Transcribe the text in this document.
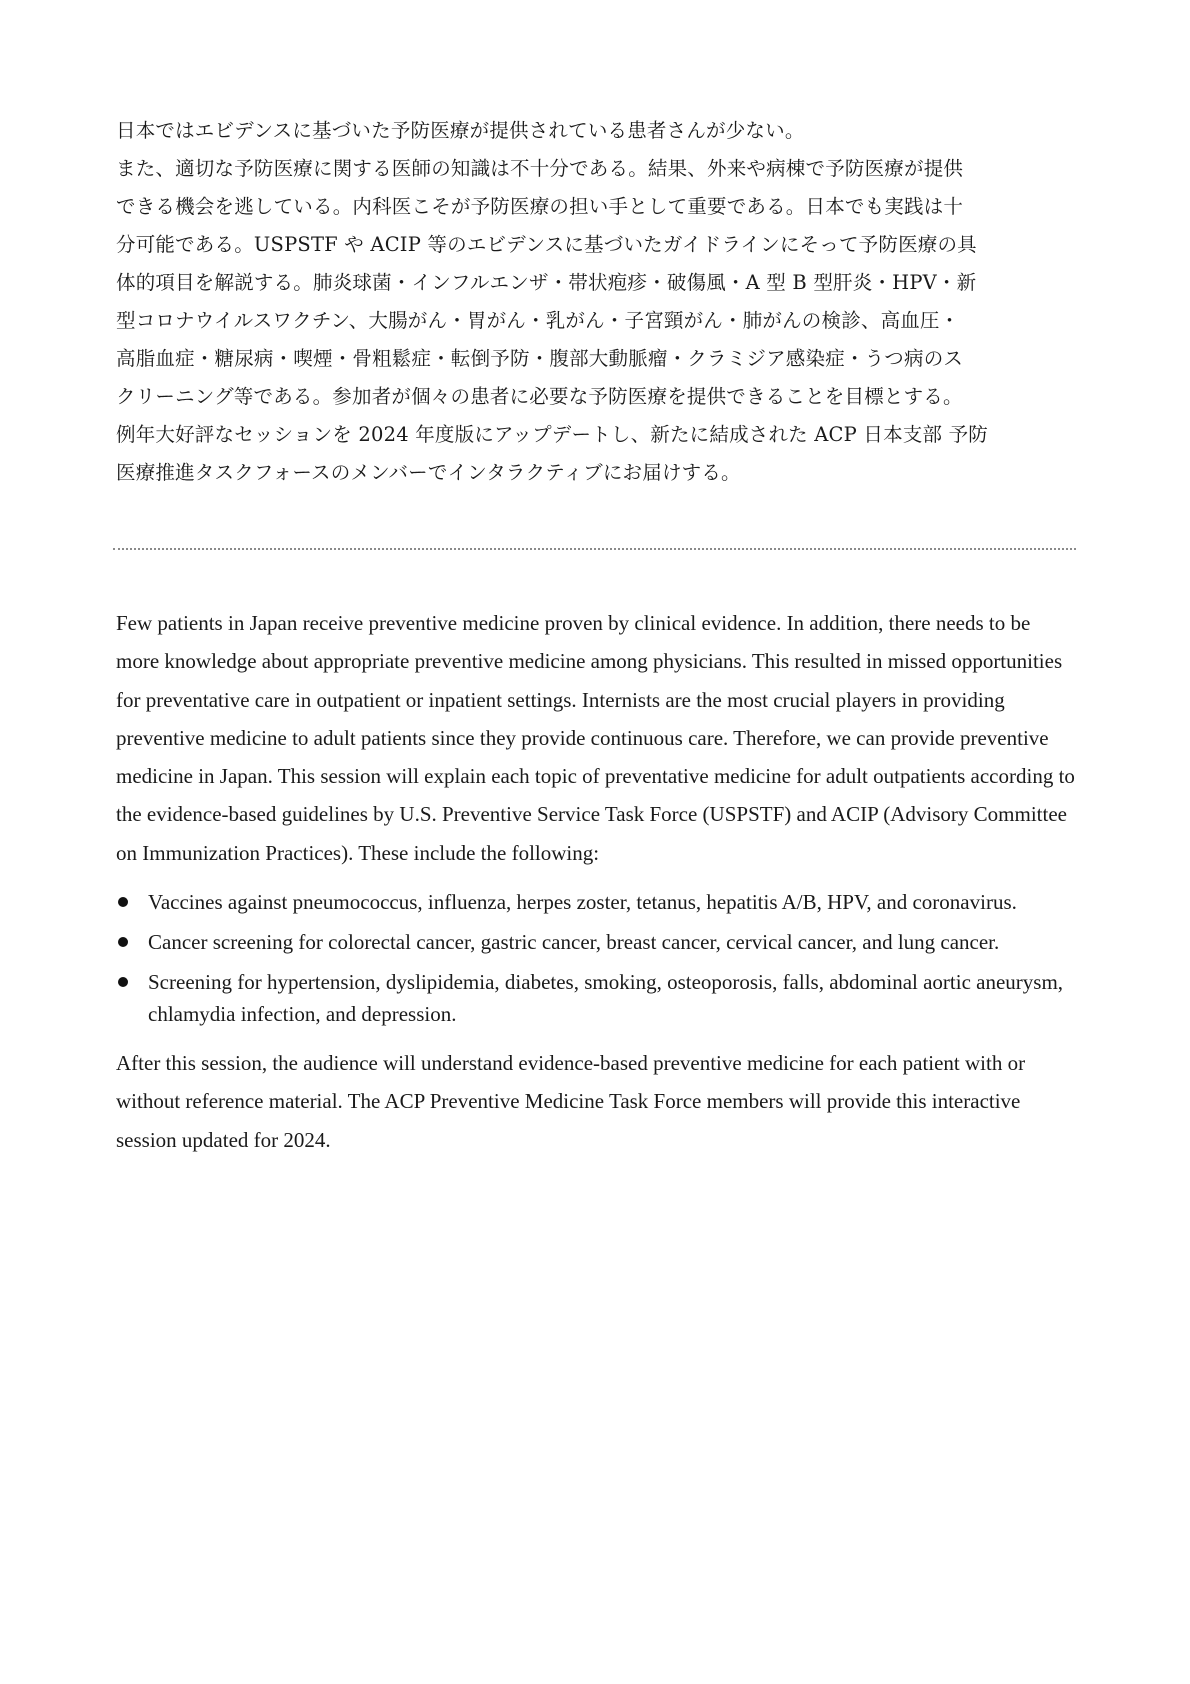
日本ではエビデンスに基づいた予防医療が提供されている患者さんが少ない。

また、適切な予防医療に関する医師の知識は不十分である。結果、外来や病棟で予防医療が提供

できる機会を逃している。内科医こそが予防医療の担い手として重要である。日本でも実践は十

分可能である。USPSTF や ACIP 等のエビデンスに基づいたガイドラインにそって予防医療の具

体的項目を解説する。肺炎球菌・インフルエンザ・帯状疱疹・破傷風・A 型 B 型肝炎・HPV・新

型コロナウイルスワクチン、大腸がん・胃がん・乳がん・子宮頸がん・肺がんの検診、高血圧・

高脂血症・糖尿病・喫煙・骨粗鬆症・転倒予防・腹部大動脈瘤・クラミジア感染症・うつ病のス

クリーニング等である。参加者が個々の患者に必要な予防医療を提供できることを目標とする。

例年大好評なセッションを 2024 年度版にアップデートし、新たに結成された ACP 日本支部 予防

医療推進タスクフォースのメンバーでインタラクティブにお届けする。

Few patients in Japan receive preventive medicine proven by clinical evidence. In addition, there needs to be more knowledge about appropriate preventive medicine among physicians. This resulted in missed opportunities for preventative care in outpatient or inpatient settings. Internists are the most crucial players in providing preventive medicine to adult patients since they provide continuous care. Therefore, we can provide preventive medicine in Japan. This session will explain each topic of preventative medicine for adult outpatients according to the evidence-based guidelines by U.S. Preventive Service Task Force (USPSTF) and ACIP (Advisory Committee on Immunization Practices). These include the following:

Vaccines against pneumococcus, influenza, herpes zoster, tetanus, hepatitis A/B, HPV, and coronavirus.
Cancer screening for colorectal cancer, gastric cancer, breast cancer, cervical cancer, and lung cancer.
Screening for hypertension, dyslipidemia, diabetes, smoking, osteoporosis, falls, abdominal aortic aneurysm, chlamydia infection, and depression.

After this session, the audience will understand evidence-based preventive medicine for each patient with or without reference material. The ACP Preventive Medicine Task Force members will provide this interactive session updated for 2024.
